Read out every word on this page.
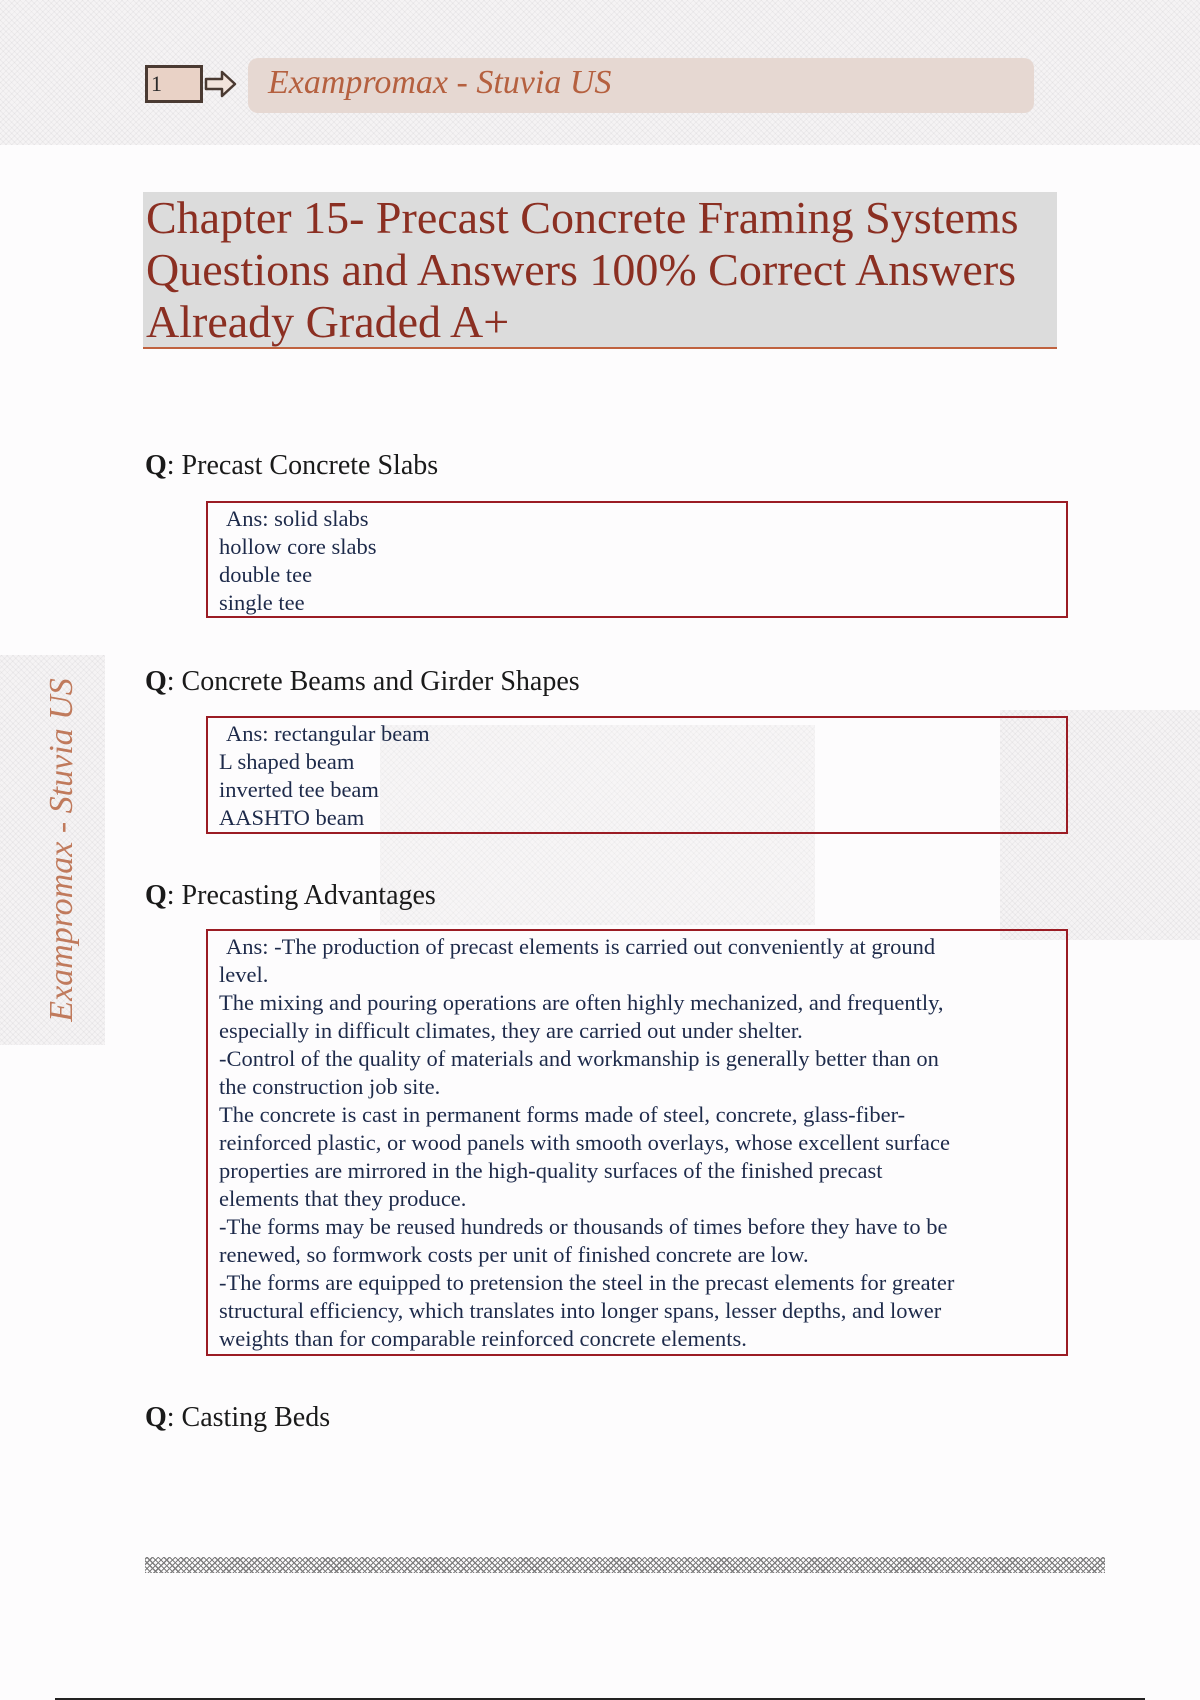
1	Exampromax - Stuvia US
Exampromax - Stuvia US
Chapter 15- Precast Concrete Framing Systems
Questions and Answers 100% Correct Answers
Already Graded A+
Q: Precast Concrete Slabs
Ans: solid slabs
hollow core slabs
double tee
single tee
Q: Concrete Beams and Girder Shapes
Ans: rectangular beam
L shaped beam
inverted tee beam
AASHTO beam
Q: Precasting Advantages
Ans: -The production of precast elements is carried out conveniently at ground
level.
The mixing and pouring operations are often highly mechanized, and frequently,
especially in difficult climates, they are carried out under shelter.
-Control of the quality of materials and workmanship is generally better than on
the construction job site.
The concrete is cast in permanent forms made of steel, concrete, glass-fiber-
reinforced plastic, or wood panels with smooth overlays, whose excellent surface
properties are mirrored in the high-quality surfaces of the finished precast
elements that they produce.
-The forms may be reused hundreds or thousands of times before they have to be
renewed, so formwork costs per unit of finished concrete are low.
-The forms are equipped to pretension the steel in the precast elements for greater
structural efficiency, which translates into longer spans, lesser depths, and lower
weights than for comparable reinforced concrete elements.
Q: Casting Beds
